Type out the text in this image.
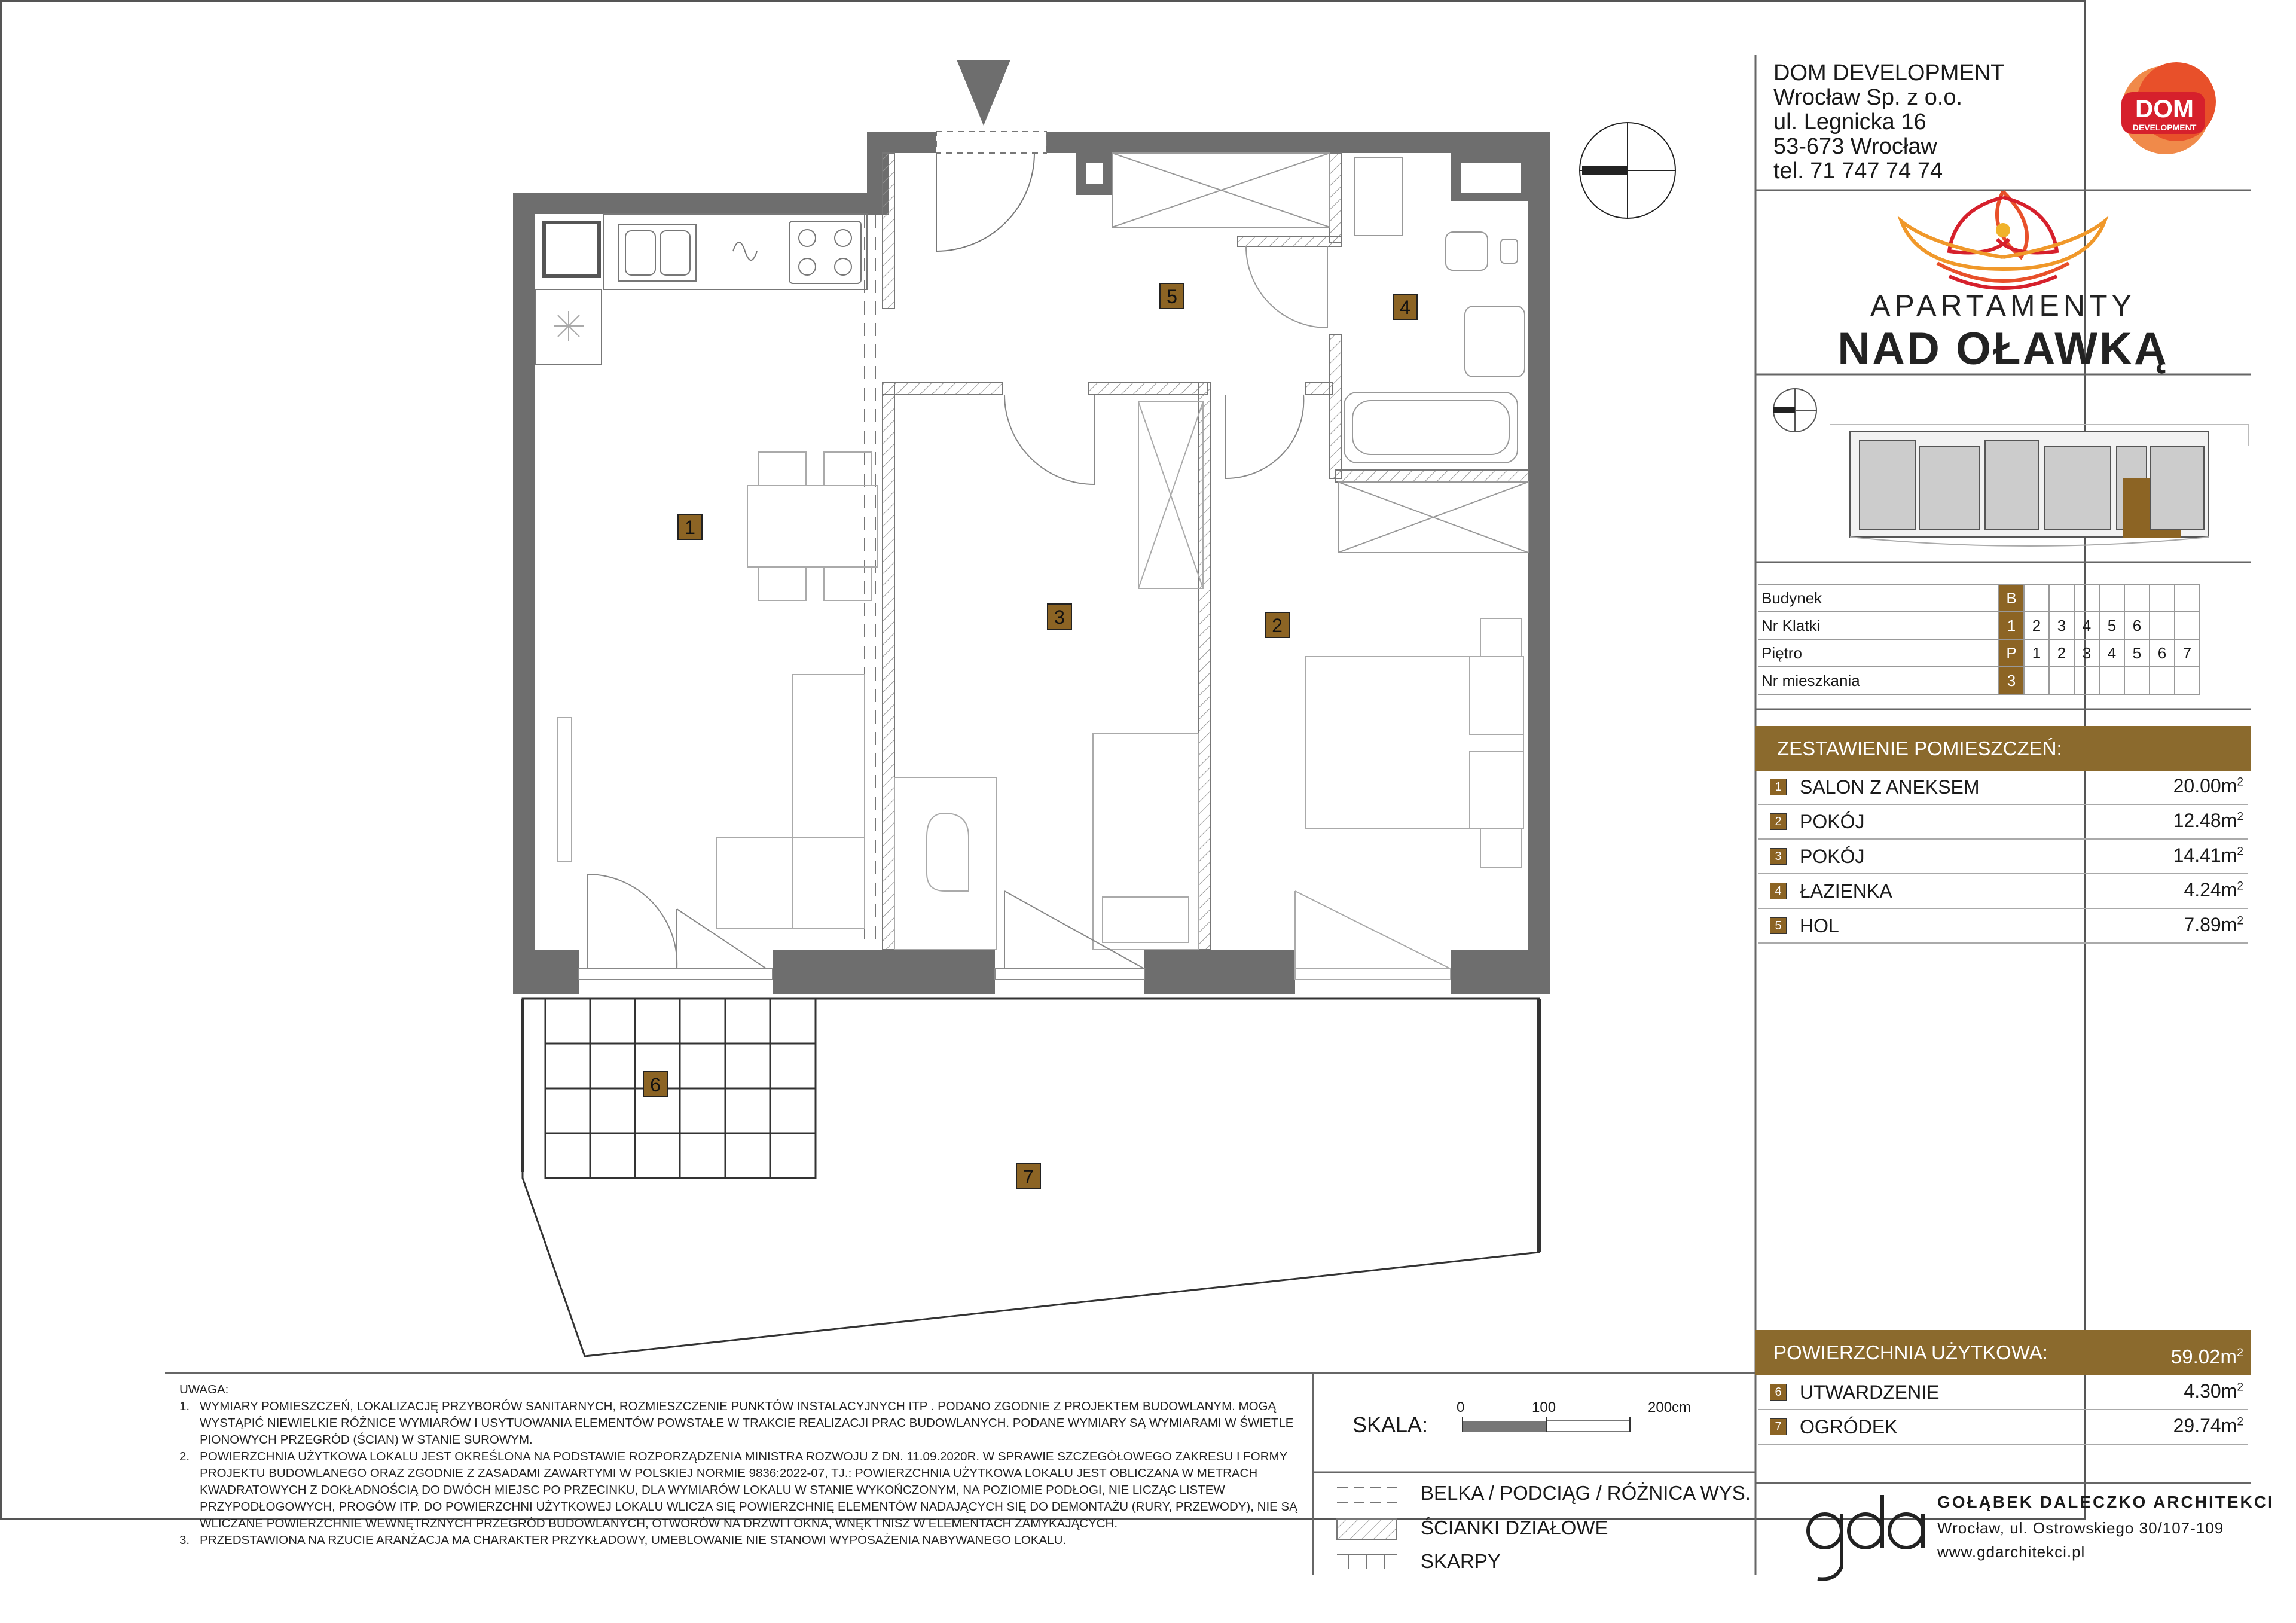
1
2
3
4
5
6
7
DOM
DEVELOPMENT
DOM DEVELOPMENT
Wrocław Sp. z o.o.
ul. Legnicka 16
53-673 Wrocław
tel. 71 747 74 74
APARTAMENTY
NAD OŁAWKĄ
Budynek	B							
Nr Klatki	1	2	3	4	5	6		
Piętro	P	1	2	3	4	5	6	7
Nr mieszkania	3							
ZESTAWIENIE POMIESZCZEŃ:
1 SALON Z ANEKSEM	$20.00m^2$
2 POKÓJ	$12.48m^2$
3 POKÓJ	$14.41m^2$
4 ŁAZIENKA	$4.24m^2$
5 HOL	$7.89m^2$
POWIERZCHNIA UŻYTKOWA:	$59.02m^2$
6 UTWARDZENIE	$4.30m^2$
7 OGRÓDEK	$29.74m^2$

UWAGA:

1.   WYMIARY POMIESZCZEŃ, LOKALIZACJĘ PRZYBORÓW SANITARNYCH, ROZMIESZCZENIE PUNKTÓW INSTALACYJNYCH ITP . PODANO ZGODNIE Z PROJEKTEM BUDOWLANYM. MOGĄ

WYSTĄPIĆ NIEWIELKIE RÓŻNICE WYMIARÓW I USYTUOWANIA ELEMENTÓW POWSTAŁE W TRAKCIE REALIZACJI PRAC BUDOWLANYCH. PODANE WYMIARY SĄ WYMIARAMI W ŚWIETLE

PIONOWYCH PRZEGRÓD (ŚCIAN) W STANIE SUROWYM.

2.   POWIERZCHNIA UŻYTKOWA LOKALU JEST OKREŚLONA NA PODSTAWIE ROZPORZĄDZENIA MINISTRA ROZWOJU Z DN. 11.09.2020R. W SPRAWIE SZCZEGÓŁOWEGO ZAKRESU I FORMY

PROJEKTU BUDOWLANEGO ORAZ ZGODNIE Z ZASADAMI ZAWARTYMI W POLSKIEJ NORMIE 9836:2022-07, TJ.: POWIERZCHNIA UŻYTKOWA LOKALU JEST OBLICZANA W METRACH

KWADRATOWYCH Z DOKŁADNOŚCIĄ DO DWÓCH MIEJSC PO PRZECINKU, DLA WYMIARÓW LOKALU W STANIE WYKOŃCZONYM, NA POZIOMIE PODŁOGI, NIE LICZĄC LISTEW

PRZYPODŁOGOWYCH, PROGÓW ITP. DO POWIERZCHNI UŻYTKOWEJ LOKALU WLICZA SIĘ POWIERZCHNIĘ ELEMENTÓW NADAJĄCYCH SIĘ DO DEMONTAŻU (RURY, PRZEWODY), NIE SĄ

WLICZANE POWIERZCHNIE WEWNĘTRZNYCH PRZEGRÓD BUDOWLANYCH, OTWORÓW NA DRZWI I OKNA, WNĘK I NISZ W ELEMENTACH ZAMYKAJĄCYCH.

3.   PRZEDSTAWIONA NA RZUCIE ARANŻACJA MA CHARAKTER PRZYKŁADOWY, UMEBLOWANIE NIE STANOWI WYPOSAŻENIA NABYWANEGO LOKALU.

SKALA:
0	100	200cm
BELKA / PODCIĄG / RÓŻNICA WYS.
ŚCIANKI DZIAŁOWE
SKARPY
GOŁĄBEK DALECZKO ARCHITEKCI
Wrocław, ul. Ostrowskiego 30/107-109
www.gdarchitekci.pl
